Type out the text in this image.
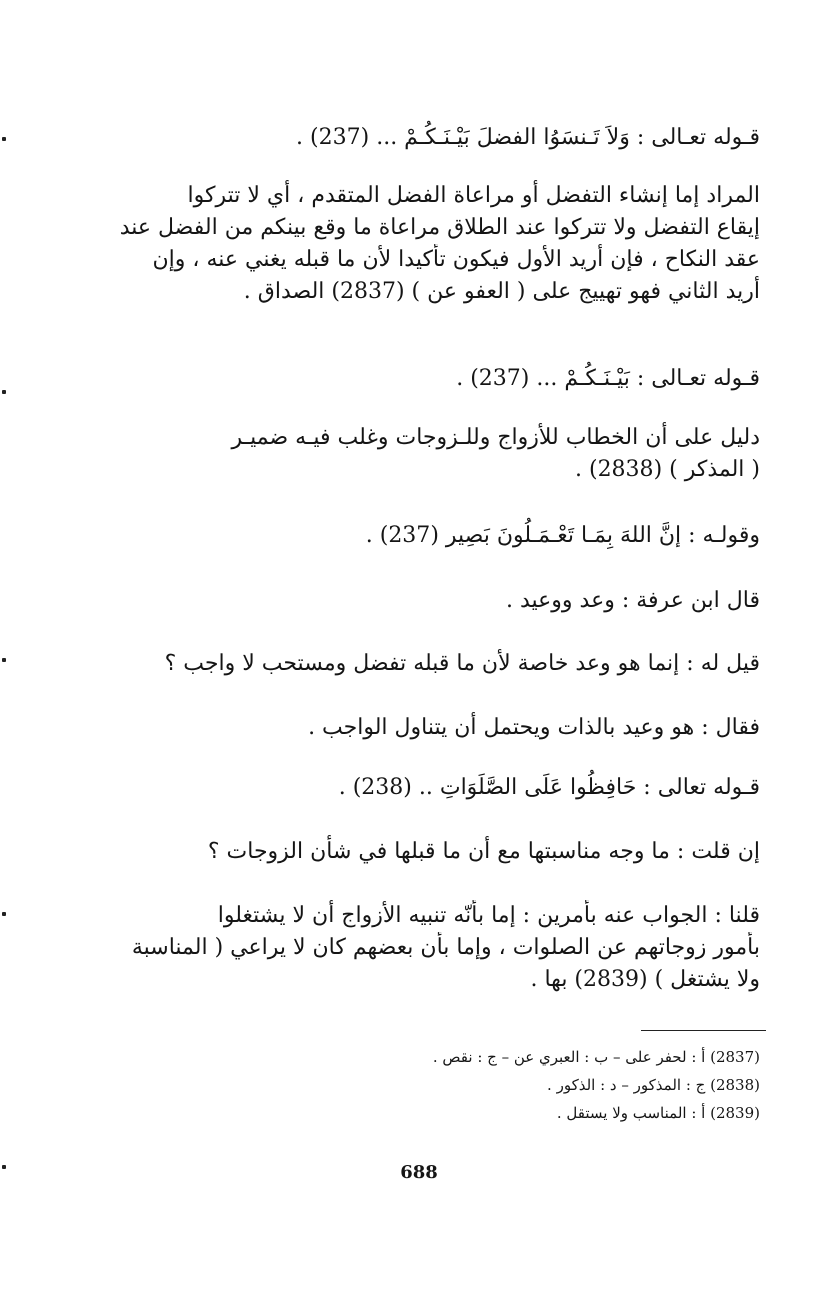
قـوله تعـالى : وَلاَ تَـنسَوُا الفضلَ بَيْـنَـكُـمْ ... (237) .
المراد إما إنشاء التفضل أو مراعاة الفضل المتقدم ، أي لا تتركوا
إيقاع التفضل ولا تتركوا عند الطلاق مراعاة ما وقع بينكم من الفضل عند
عقد النكاح ، فإن أريد الأول فيكون تأكيدا لأن ما قبله يغني عنه ، وإن
أريد الثاني فهو تهييج على ( العفو عن ) (2837) الصداق .
قـوله تعـالى : بَيْـنَـكُـمْ ... (237) .
دليل على أن الخطاب للأزواج وللـزوجات وغلب فيـه ضميـر
( المذكر ) (2838) .
وقولـه : إنَّ اللهَ بِمَـا تَعْـمَـلُونَ بَصِير (237) .
قال ابن عرفة : وعد ووعيد .
قيل له : إنما هو وعد خاصة لأن ما قبله تفضل ومستحب لا واجب ؟
فقال : هو وعيد بالذات ويحتمل أن يتناول الواجب .
قـوله تعالى : حَافِظُوا عَلَى الصَّلَوَاتِ .. (238) .
إن قلت : ما وجه مناسبتها مع أن ما قبلها في شأن الزوجات ؟
قلنا : الجواب عنه بأمرين : إما بأنّه تنبيه الأزواج أن لا يشتغلوا
بأمور زوجاتهم عن الصلوات ، وإما بأن بعضهم كان لا يراعي ( المناسبة
ولا يشتغل ) (2839) بها .
(2837) أ : لحفر على – ب : العبري عن – ج : نقص .
(2838) ج : المذكور – د : الذكور .
(2839) أ : المناسب ولا يستقل .
688
